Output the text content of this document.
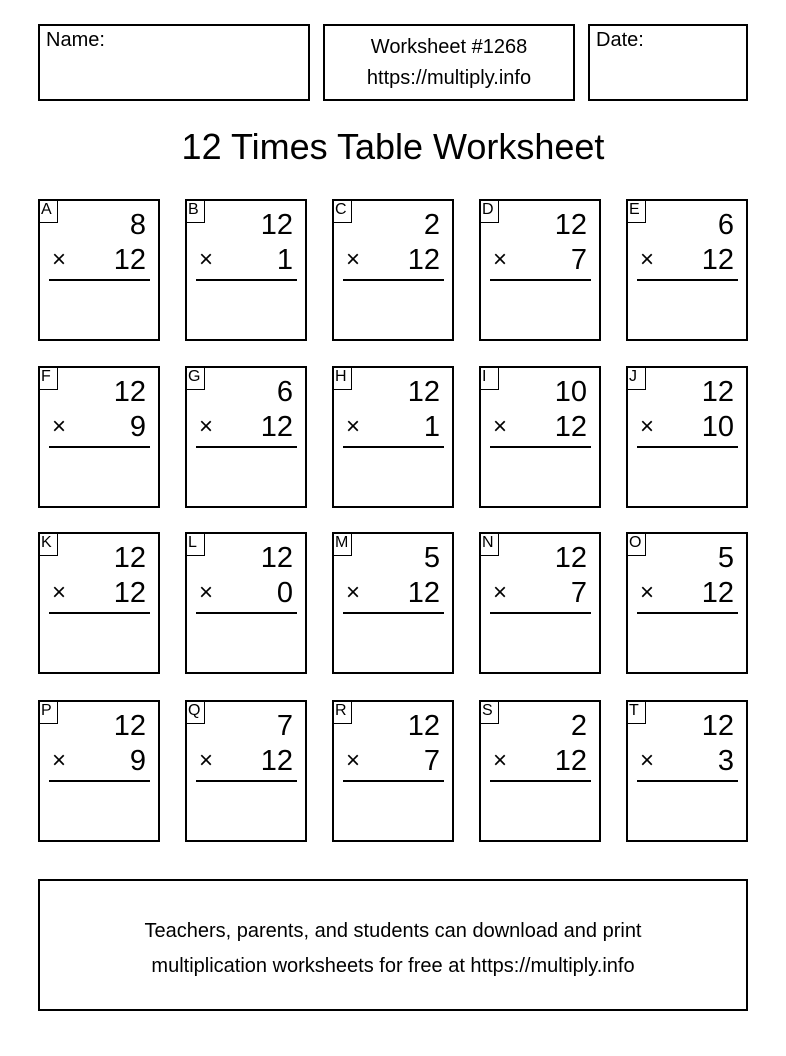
Name:	Worksheet #1268
https://multiply.info
Date:
12 Times Table Worksheet
A	8
× 12
B 12
× 1
C	2
× 12
D 12
× 7
E	6
× 12
F 12
× 9
G	6
× 12
H 12
× 1
I	10
× 12
J	12
× 10
K 12
× 12
L 12
× 0
M	5
× 12
N 12
× 7
O	5
× 12
P 12
× 9
Q	7
× 12
R 12
× 7
S	2
× 12
T 12
× 3
Teachers, parents, and students can download and print
multiplication worksheets for free at https://multiply.info
